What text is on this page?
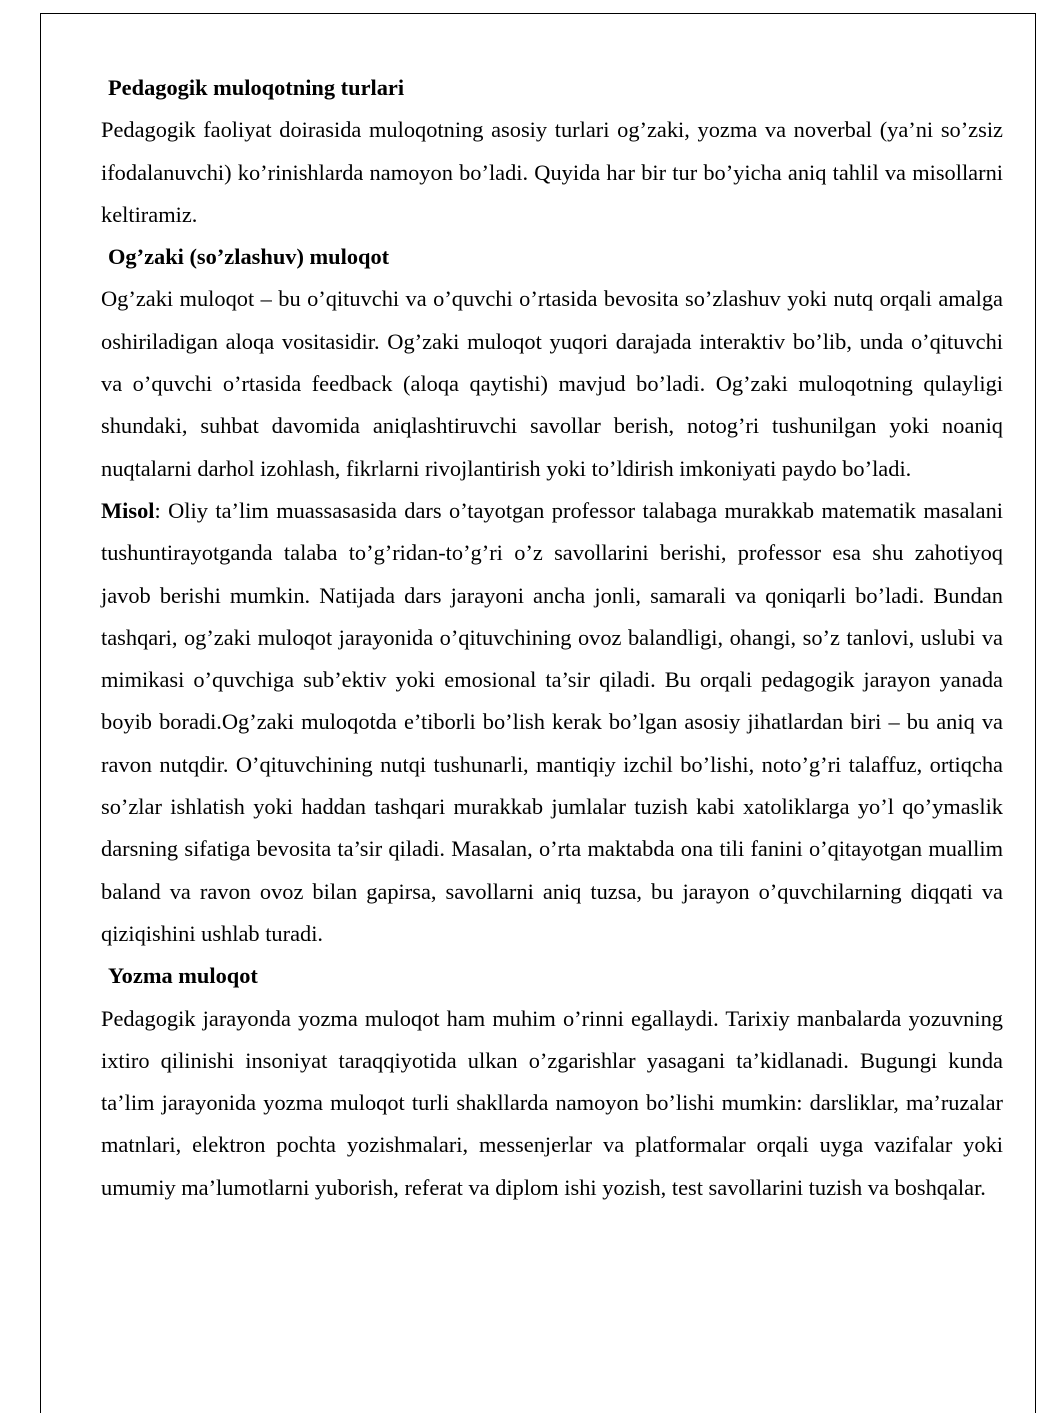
Pedagogik muloqotning turlari

Pedagogik faoliyat doirasida muloqotning asosiy turlari og’zaki, yozma va noverbal (ya’ni so’zsiz ifodalanuvchi) ko’rinishlarda namoyon bo’ladi. Quyida har bir tur bo’yicha aniq tahlil va misollarni keltiramiz.

Og’zaki (so’zlashuv) muloqot

Og’zaki muloqot – bu o’qituvchi va o’quvchi o’rtasida bevosita so’zlashuv yoki nutq orqali amalga oshiriladigan aloqa vositasidir. Og’zaki muloqot yuqori darajada interaktiv bo’lib, unda o’qituvchi va o’quvchi o’rtasida feedback (aloqa qaytishi) mavjud bo’ladi. Og’zaki muloqotning qulayligi shundaki, suhbat davomida aniqlashtiruvchi savollar berish, notog’ri tushunilgan yoki noaniq nuqtalarni darhol izohlash, fikrlarni rivojlantirish yoki to’ldirish imkoniyati paydo bo’ladi.

Misol: Oliy ta’lim muassasasida dars o’tayotgan professor talabaga murakkab matematik masalani tushuntirayotganda talaba to’g’ridan-to’g’ri o’z savollarini berishi, professor esa shu zahotiyoq javob berishi mumkin. Natijada dars jarayoni ancha jonli, samarali va qoniqarli bo’ladi. Bundan tashqari, og’zaki muloqot jarayonida o’qituvchining ovoz balandligi, ohangi, so’z tanlovi, uslubi va mimikasi o’quvchiga sub’ektiv yoki emosional ta’sir qiladi. Bu orqali pedagogik jarayon yanada boyib boradi.Og’zaki muloqotda e’tiborli bo’lish kerak bo’lgan asosiy jihatlardan biri – bu aniq va ravon nutqdir. O’qituvchining nutqi tushunarli, mantiqiy izchil bo’lishi, noto’g’ri talaffuz, ortiqcha so’zlar ishlatish yoki haddan tashqari murakkab jumlalar tuzish kabi xatoliklarga yo’l qo’ymaslik darsning sifatiga bevosita ta’sir qiladi. Masalan, o’rta maktabda ona tili fanini o’qitayotgan muallim baland va ravon ovoz bilan gapirsa, savollarni aniq tuzsa, bu jarayon o’quvchilarning diqqati va qiziqishini ushlab turadi.

Yozma muloqot

Pedagogik jarayonda yozma muloqot ham muhim o’rinni egallaydi. Tarixiy manbalarda yozuvning ixtiro qilinishi insoniyat taraqqiyotida ulkan o’zgarishlar yasagani ta’kidlanadi. Bugungi kunda ta’lim jarayonida yozma muloqot turli shakllarda namoyon bo’lishi mumkin: darsliklar, ma’ruzalar matnlari, elektron pochta yozishmalari, messenjerlar va platformalar orqali uyga vazifalar yoki umumiy ma’lumotlarni yuborish, referat va diplom ishi yozish, test savollarini tuzish va boshqalar.
